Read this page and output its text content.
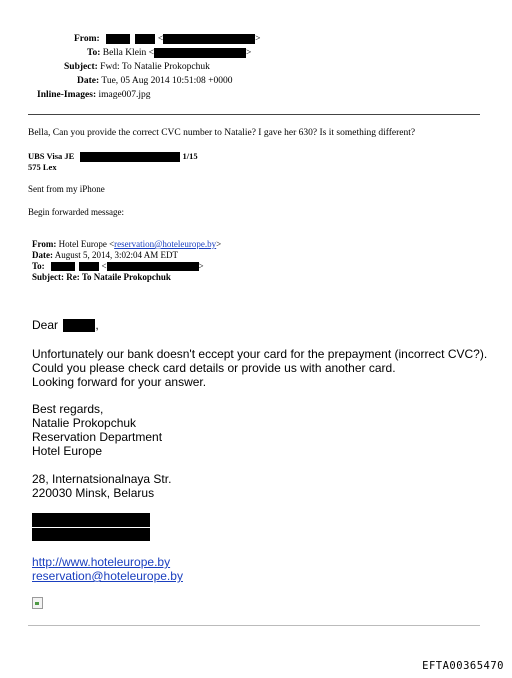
From:	<	>
To: Bella Klein <	>
Subject: Fwd: To Natalie Prokopchuk
Date: Tue, 05 Aug 2014 10:51:08 +0000
Inline-Images: image007.jpg
Bella, Can you provide the correct CVC number to Natalie? I gave her 630? Is it something different?
UBS Visa JE	1/15
575 Lex
Sent from my iPhone
Begin forwarded message:
From: Hotel Europe <reservation@hoteleurope.by>
Date: August 5, 2014, 3:02:04 AM EDT
To:	<	>
Subject: Re: To Nataile Prokopchuk
Dear	,
Unfortunately our bank doesn't eccept your card for the prepayment (incorrect CVC?).
Could you please check card details or provide us with another card.
Looking forward for your answer.
Best regards,
Natalie Prokopchuk
Reservation Department
Hotel Europe
28, Internatsionalnaya Str.
220030 Minsk, Belarus
http://www.hoteleurope.by
reservation@hoteleurope.by
EFTA00365470
